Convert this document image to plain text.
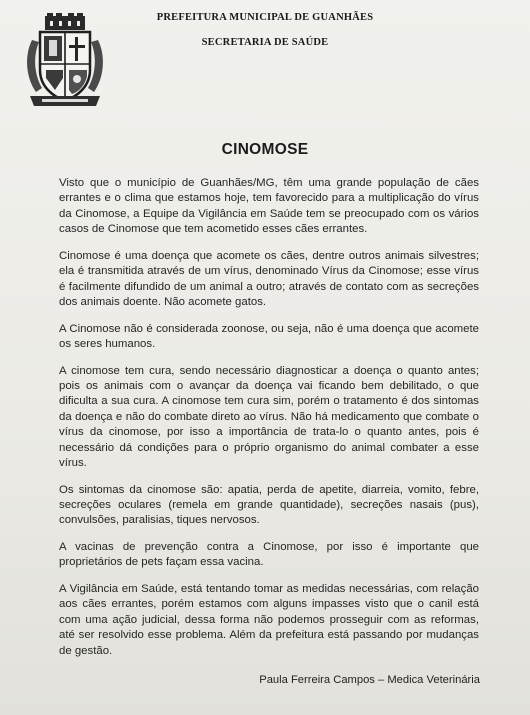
PREFEITURA MUNICIPAL DE GUANHÃES
SECRETARIA DE SAÚDE
CINOMOSE

Visto que o município de Guanhães/MG, têm uma grande população de cães errantes e o clima que estamos hoje, tem favorecido para a multiplicação do vírus da Cinomose, a Equipe da Vigilância em Saúde tem se preocupado com os vários casos de Cinomose que tem acometido esses cães errantes.

Cinomose é uma doença que acomete os cães, dentre outros animais silvestres; ela é transmitida através de um vírus, denominado Vírus da Cinomose; esse vírus é facilmente difundido de um animal a outro; através de contato com as secreções dos animais doente. Não acomete gatos.

A Cinomose não é considerada zoonose, ou seja, não é uma doença que acomete os seres humanos.

A cinomose tem cura, sendo necessário diagnosticar a doença o quanto antes; pois os animais com o avançar da doença vai ficando bem debilitado, o que dificulta a sua cura. A cinomose tem cura sim, porém o tratamento é dos sintomas da doença e não do combate direto ao vírus. Não há medicamento que combate o vírus da cinomose, por isso a importância de trata-lo o quanto antes, pois é necessário dá condições para o próprio organismo do animal combater a esse vírus.

Os sintomas da cinomose são: apatia, perda de apetite, diarreia, vomito, febre, secreções oculares (remela em grande quantidade), secreções nasais (pus), convulsões, paralisias, tiques nervosos.

A vacinas de prevenção contra a Cinomose, por isso é importante que proprietários de pets façam essa vacina.

A Vigilância em Saúde, está tentando tomar as medidas necessárias, com relação aos cães errantes, porém estamos com alguns impasses visto que o canil está com uma ação judicial, dessa forma não podemos prosseguir com as reformas, até ser resolvido esse problema. Além da prefeitura está passando por mudanças de gestão.

Paula Ferreira Campos – Medica Veterinária
